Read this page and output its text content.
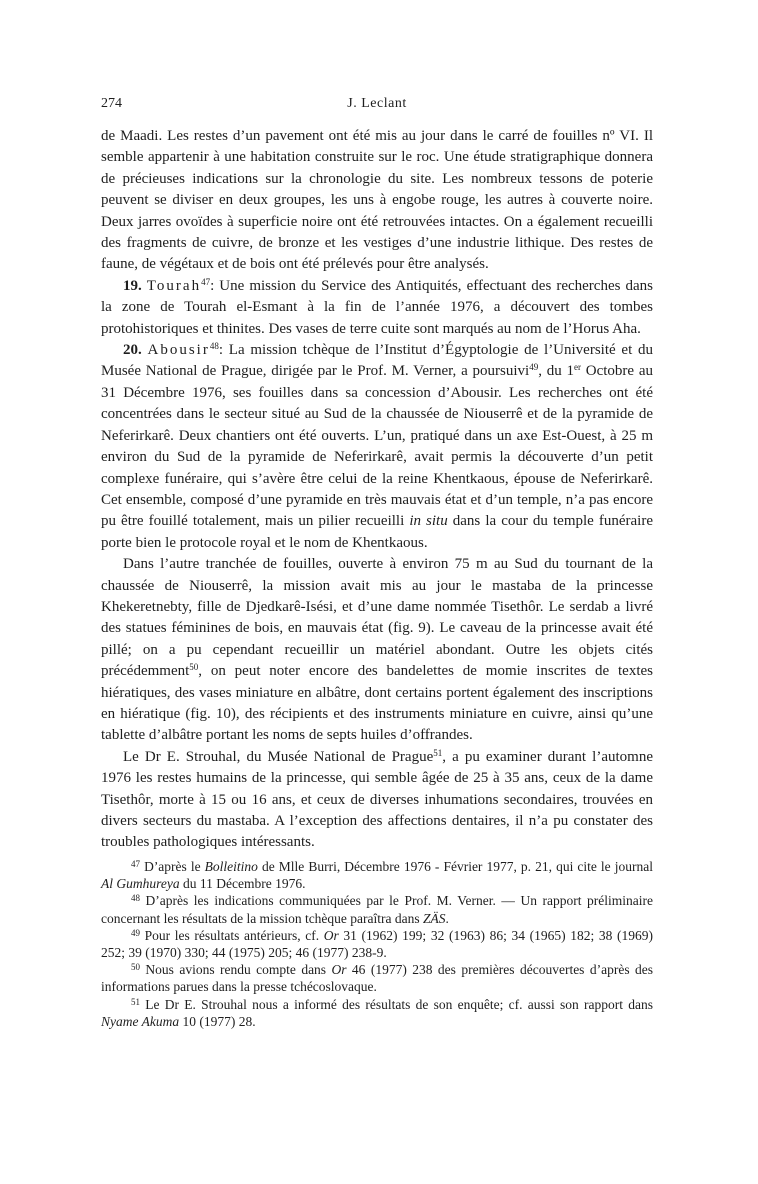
274	J. Leclant

de Maadi. Les restes d’un pavement ont été mis au jour dans le carré de fouilles nº VI. Il semble appartenir à une habitation construite sur le roc. Une étude stratigraphique donnera de précieuses indications sur la chronologie du site. Les nombreux tessons de poterie peuvent se diviser en deux groupes, les uns à engobe rouge, les autres à couverte noire. Deux jarres ovoïdes à superficie noire ont été retrouvées intactes. On a également recueilli des fragments de cuivre, de bronze et les vestiges d’une industrie lithique. Des restes de faune, de végétaux et de bois ont été prélevés pour être analysés.

19. Tourah$^{47}$: Une mission du Service des Antiquités, effectuant des recherches dans la zone de Tourah el-Esmant à la fin de l’année 1976, a découvert des tombes protohistoriques et thinites. Des vases de terre cuite sont marqués au nom de l’Horus Aha.

20. Abousir$^{48}$: La mission tchèque de l’Institut d’Égyptologie de l’Université et du Musée National de Prague, dirigée par le Prof. M. Verner, a poursuivi$^{49}$, du 1er Octobre au 31 Décembre 1976, ses fouilles dans sa concession d’Abousir. Les recherches ont été concentrées dans le secteur situé au Sud de la chaussée de Niouserrê et de la pyramide de Neferirkarê. Deux chantiers ont été ouverts. L’un, pratiqué dans un axe Est-Ouest, à 25 m environ du Sud de la pyramide de Neferirkarê, avait permis la découverte d’un petit complexe funéraire, qui s’avère être celui de la reine Khentkaous, épouse de Neferirkarê. Cet ensemble, composé d’une pyramide en très mauvais état et d’un temple, n’a pas encore pu être fouillé totalement, mais un pilier recueilli in situ dans la cour du temple funéraire porte bien le protocole royal et le nom de Khentkaous.

Dans l’autre tranchée de fouilles, ouverte à environ 75 m au Sud du tournant de la chaussée de Niouserrê, la mission avait mis au jour le mastaba de la princesse Khekeretnebty, fille de Djedkarê-Isési, et d’une dame nommée Tisethôr. Le serdab a livré des statues féminines de bois, en mauvais état (fig. 9). Le caveau de la princesse avait été pillé; on a pu cependant recueillir un matériel abondant. Outre les objets cités précédemment$^{50}$, on peut noter encore des bandelettes de momie inscrites de textes hiératiques, des vases miniature en albâtre, dont certains portent également des inscriptions en hiératique (fig. 10), des récipients et des instruments miniature en cuivre, ainsi qu’une tablette d’albâtre portant les noms de septs huiles d’offrandes.

Le Dr E. Strouhal, du Musée National de Prague$^{51}$, a pu examiner durant l’automne 1976 les restes humains de la princesse, qui semble âgée de 25 à 35 ans, ceux de la dame Tisethôr, morte à 15 ou 16 ans, et ceux de diverses inhumations secondaires, trouvées en divers secteurs du mastaba. A l’exception des affections dentaires, il n’a pu constater des troubles pathologiques intéressants.

$^{47}$ D’après le Bolleitino de Mlle Burri, Décembre 1976 - Février 1977, p. 21, qui cite le journal Al Gumhureya du 11 Décembre 1976.

$^{48}$ D’après les indications communiquées par le Prof. M. Verner. — Un rapport préliminaire concernant les résultats de la mission tchèque paraîtra dans ZÄS.

$^{49}$ Pour les résultats antérieurs, cf. Or 31 (1962) 199; 32 (1963) 86; 34 (1965) 182; 38 (1969) 252; 39 (1970) 330; 44 (1975) 205; 46 (1977) 238-9.

$^{50}$ Nous avions rendu compte dans Or 46 (1977) 238 des premières découvertes d’après des informations parues dans la presse tchécoslovaque.

$^{51}$ Le Dr E. Strouhal nous a informé des résultats de son enquête; cf. aussi son rapport dans Nyame Akuma 10 (1977) 28.
